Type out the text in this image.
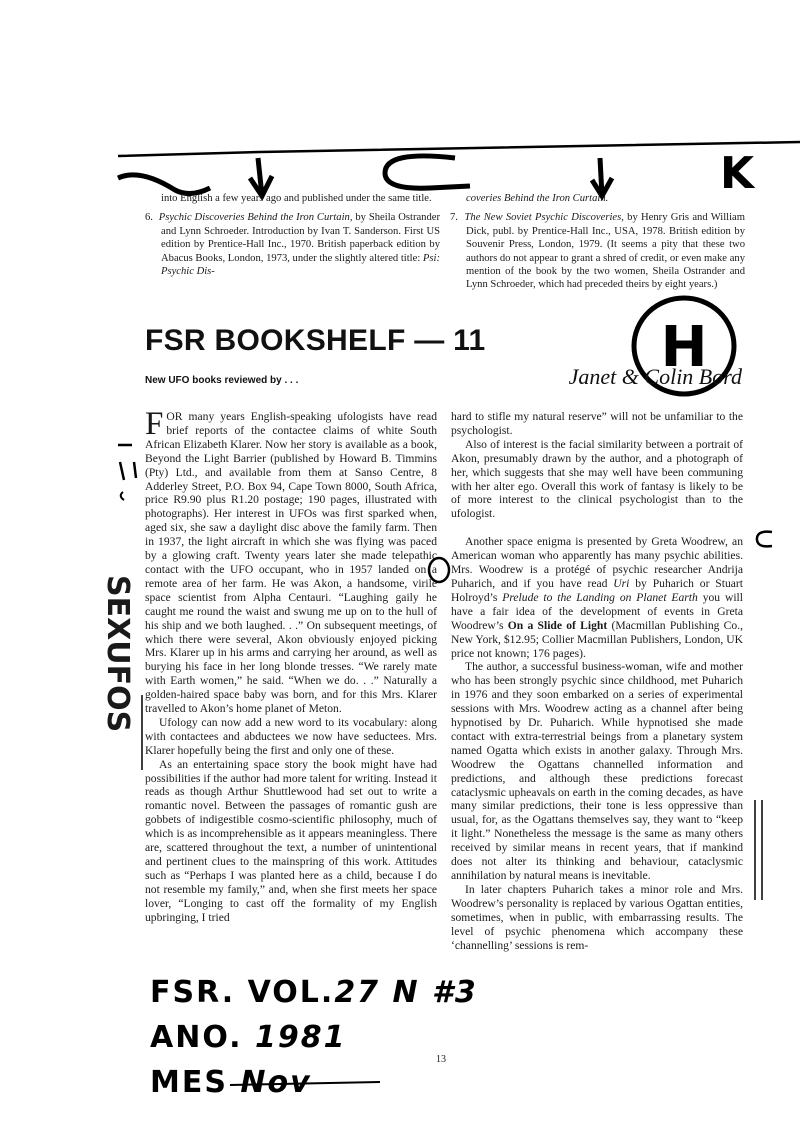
K

into English a few years ago and published under the same title.

6. Psychic Discoveries Behind the Iron Curtain, by Sheila Ostrander and Lynn Schroeder. Introduction by Ivan T. Sanderson. First US edition by Prentice-Hall Inc., 1970. British paperback edition by Abacus Books, London, 1973, under the slightly altered title: Psi: Psychic Dis-

coveries Behind the Iron Curtain.

7. The New Soviet Psychic Discoveries, by Henry Gris and William Dick, publ. by Prentice-Hall Inc., USA, 1978. British edition by Souvenir Press, London, 1979. (It seems a pity that these two authors do not appear to grant a shred of credit, or even make any mention of the book by the two women, Sheila Ostrander and Lynn Schroeder, which had preceded theirs by eight years.)

H
FSR BOOKSHELF — 11
New UFO books reviewed by . . .	Janet & Colin Bord

FOR many years English-speaking ufologists have read brief reports of the contactee claims of white South African Elizabeth Klarer. Now her story is available as a book, Beyond the Light Barrier (published by Howard B. Timmins (Pty) Ltd., and available from them at Sanso Centre, 8 Adderley Street, P.O. Box 94, Cape Town 8000, South Africa, price R9.90 plus R1.20 postage; 190 pages, illustrated with photographs). Her interest in UFOs was first sparked when, aged six, she saw a daylight disc above the family farm. Then in 1937, the light aircraft in which she was flying was paced by a glowing craft. Twenty years later she made telepathic contact with the UFO occupant, who in 1957 landed on a remote area of her farm. He was Akon, a handsome, virile space scientist from Alpha Centauri. “Laughing gaily he caught me round the waist and swung me up on to the hull of his ship and we both laughed. . .” On subsequent meetings, of which there were several, Akon obviously enjoyed picking Mrs. Klarer up in his arms and carrying her around, as well as burying his face in her long blonde tresses. “We rarely mate with Earth women,” he said. “When we do. . .” Naturally a golden-haired space baby was born, and for this Mrs. Klarer travelled to Akon’s home planet of Meton.

Ufology can now add a new word to its vocabulary: along with contactees and abductees we now have seductees. Mrs. Klarer hopefully being the first and only one of these.

As an entertaining space story the book might have had possibilities if the author had more talent for writing. Instead it reads as though Arthur Shuttlewood had set out to write a romantic novel. Between the passages of romantic gush are gobbets of indigestible cosmo-scientific philosophy, much of which is as incomprehensible as it appears meaningless. There are, scattered throughout the text, a number of unintentional and pertinent clues to the mainspring of this work. Attitudes such as “Perhaps I was planted here as a child, because I do not resemble my family,” and, when she first meets her space lover, “Longing to cast off the formality of my English upbringing, I tried

hard to stifle my natural reserve” will not be unfamiliar to the psychologist.

Also of interest is the facial similarity between a portrait of Akon, presumably drawn by the author, and a photograph of her, which suggests that she may well have been communing with her alter ego. Overall this work of fantasy is likely to be of more interest to the clinical psychologist than to the ufologist.

Another space enigma is presented by Greta Woodrew, an American woman who apparently has many psychic abilities. Mrs. Woodrew is a protégé of psychic researcher Andrija Puharich, and if you have read Uri by Puharich or Stuart Holroyd’s Prelude to the Landing on Planet Earth you will have a fair idea of the development of events in Greta Woodrew’s On a Slide of Light (Macmillan Publishing Co., New York, $12.95; Collier Macmillan Publishers, London, UK price not known; 176 pages).

The author, a successful business-woman, wife and mother who has been strongly psychic since childhood, met Puharich in 1976 and they soon embarked on a series of experimental sessions with Mrs. Woodrew acting as a channel after being hypnotised by Dr. Puharich. While hypnotised she made contact with extra-terrestrial beings from a planetary system named Ogatta which exists in another galaxy. Through Mrs. Woodrew the Ogattans channelled information and predictions, and although these predictions forecast cataclysmic upheavals on earth in the coming decades, as have many similar predictions, their tone is less oppressive than usual, for, as the Ogattans themselves say, they want to “keep it light.” Nonetheless the message is the same as many others received by similar means in recent years, that if mankind does not alter its thinking and behaviour, cataclysmic annihilation by natural means is inevitable.

In later chapters Puharich takes a minor role and Mrs. Woodrew’s personality is replaced by various Ogattan entities, sometimes, when in public, with embarrassing results. The level of psychic phenomena which accompany these ‘channelling’ sessions is rem-

SEXUFOS
13
FSR. VOL.27 N #3
ANO. 1981
MES Nov
